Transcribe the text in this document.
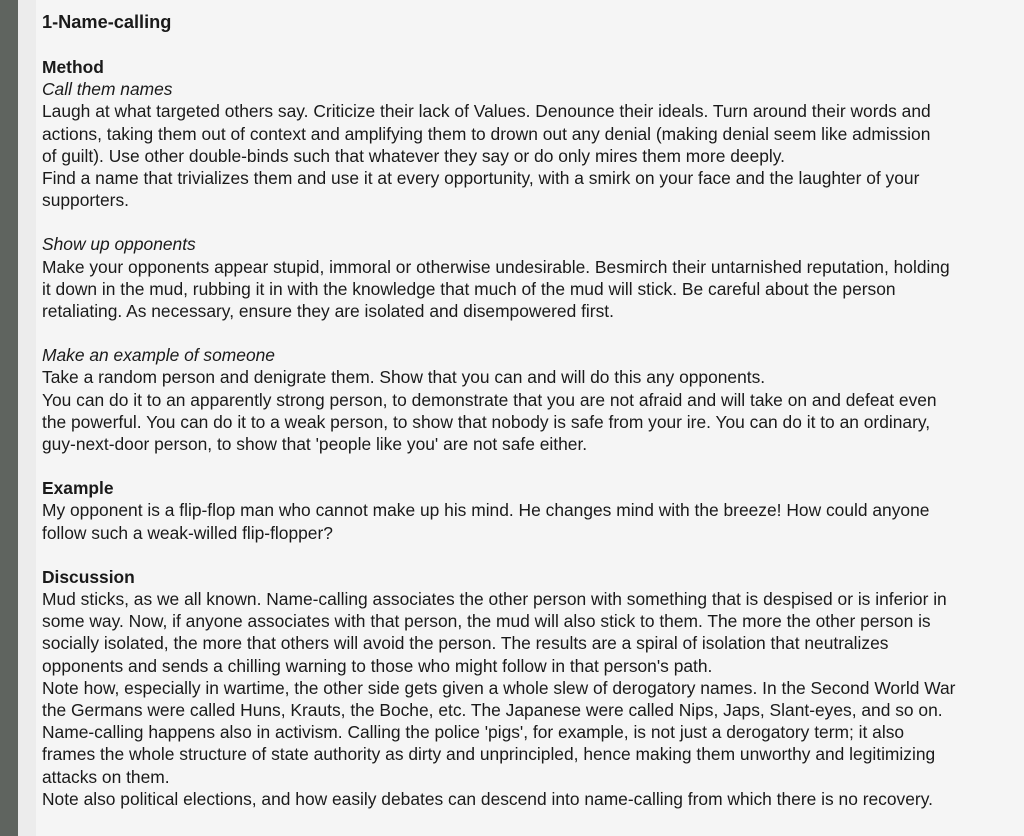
1-Name-calling

Method

Call them names

Laugh at what targeted others say. Criticize their lack of Values. Denounce their ideals. Turn around their words and

actions, taking them out of context and amplifying them to drown out any denial (making denial seem like admission

of guilt). Use other double-binds such that whatever they say or do only mires them more deeply.

Find a name that trivializes them and use it at every opportunity, with a smirk on your face and the laughter of your

supporters.

Show up opponents

Make your opponents appear stupid, immoral or otherwise undesirable. Besmirch their untarnished reputation, holding

it down in the mud, rubbing it in with the knowledge that much of the mud will stick. Be careful about the person

retaliating. As necessary, ensure they are isolated and disempowered first.

Make an example of someone

Take a random person and denigrate them. Show that you can and will do this any opponents.

You can do it to an apparently strong person, to demonstrate that you are not afraid and will take on and defeat even

the powerful. You can do it to a weak person, to show that nobody is safe from your ire. You can do it to an ordinary,

guy-next-door person, to show that 'people like you' are not safe either.

Example

My opponent is a flip-flop man who cannot make up his mind. He changes mind with the breeze! How could anyone

follow such a weak-willed flip-flopper?

Discussion

Mud sticks, as we all known. Name-calling associates the other person with something that is despised or is inferior in

some way. Now, if anyone associates with that person, the mud will also stick to them. The more the other person is

socially isolated, the more that others will avoid the person. The results are a spiral of isolation that neutralizes

opponents and sends a chilling warning to those who might follow in that person's path.

Note how, especially in wartime, the other side gets given a whole slew of derogatory names. In the Second World War

the Germans were called Huns, Krauts, the Boche, etc. The Japanese were called Nips, Japs, Slant-eyes, and so on.

Name-calling happens also in activism. Calling the police 'pigs', for example, is not just a derogatory term; it also

frames the whole structure of state authority as dirty and unprincipled, hence making them unworthy and legitimizing

attacks on them.

Note also political elections, and how easily debates can descend into name-calling from which there is no recovery.
